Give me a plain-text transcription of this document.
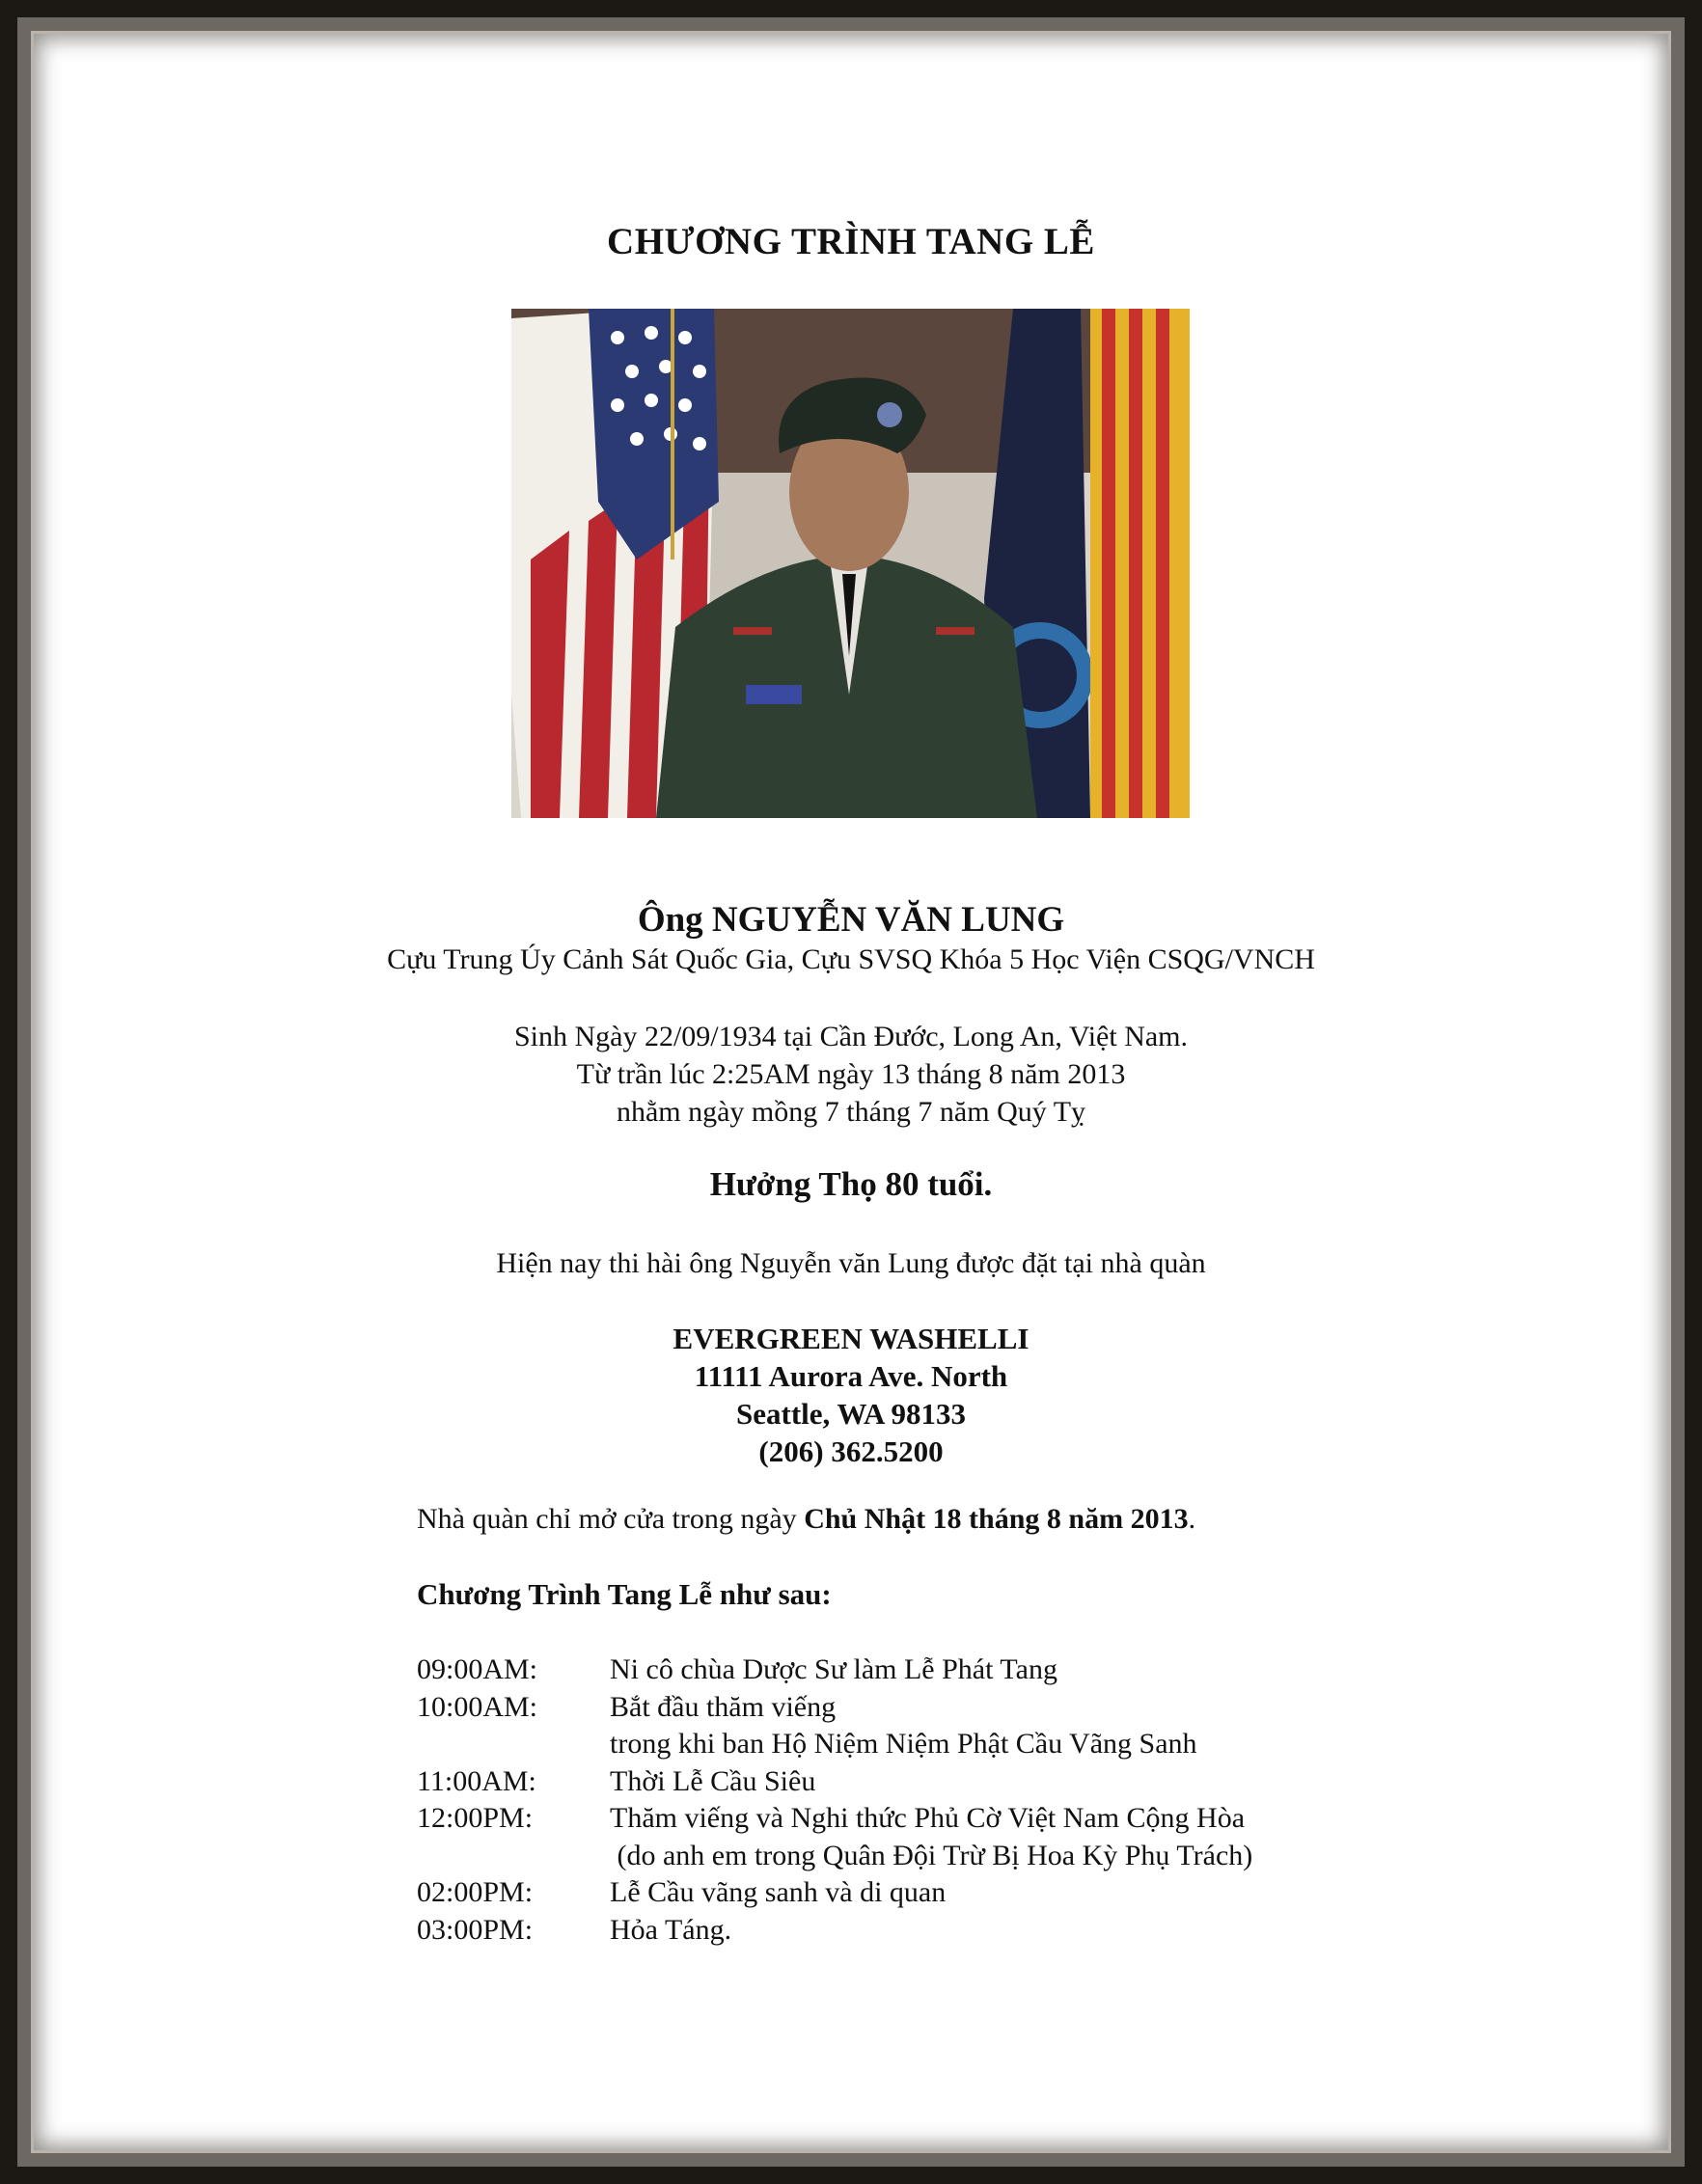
CHƯƠNG TRÌNH TANG LỄ
Ông NGUYỄN VĂN LUNG
Cựu Trung Úy Cảnh Sát Quốc Gia, Cựu SVSQ Khóa 5 Học Viện CSQG/VNCH
Sinh Ngày 22/09/1934 tại Cần Đước, Long An, Việt Nam.
Từ trần lúc 2:25AM ngày 13 tháng 8 năm 2013
nhằm ngày mồng 7 tháng 7 năm Quý Tỵ
Hưởng Thọ 80 tuổi.
Hiện nay thi hài ông Nguyễn văn Lung được đặt tại nhà quàn
EVERGREEN WASHELLI
11111 Aurora Ave. North
Seattle, WA 98133
(206) 362.5200
Nhà quàn chỉ mở cửa trong ngày Chủ Nhật 18 tháng 8 năm 2013.
Chương Trình Tang Lễ như sau:
09:00AM:	Ni cô chùa Dược Sư làm Lễ Phát Tang
10:00AM:	Bắt đầu thăm viếng
trong khi ban Hộ Niệm Niệm Phật Cầu Vãng Sanh
11:00AM:	Thời Lễ Cầu Siêu
12:00PM:	Thăm viếng và Nghi thức Phủ Cờ Việt Nam Cộng Hòa
(do anh em trong Quân Đội Trừ Bị Hoa Kỳ Phụ Trách)
02:00PM:	Lễ Cầu vãng sanh và di quan
03:00PM:	Hỏa Táng.
